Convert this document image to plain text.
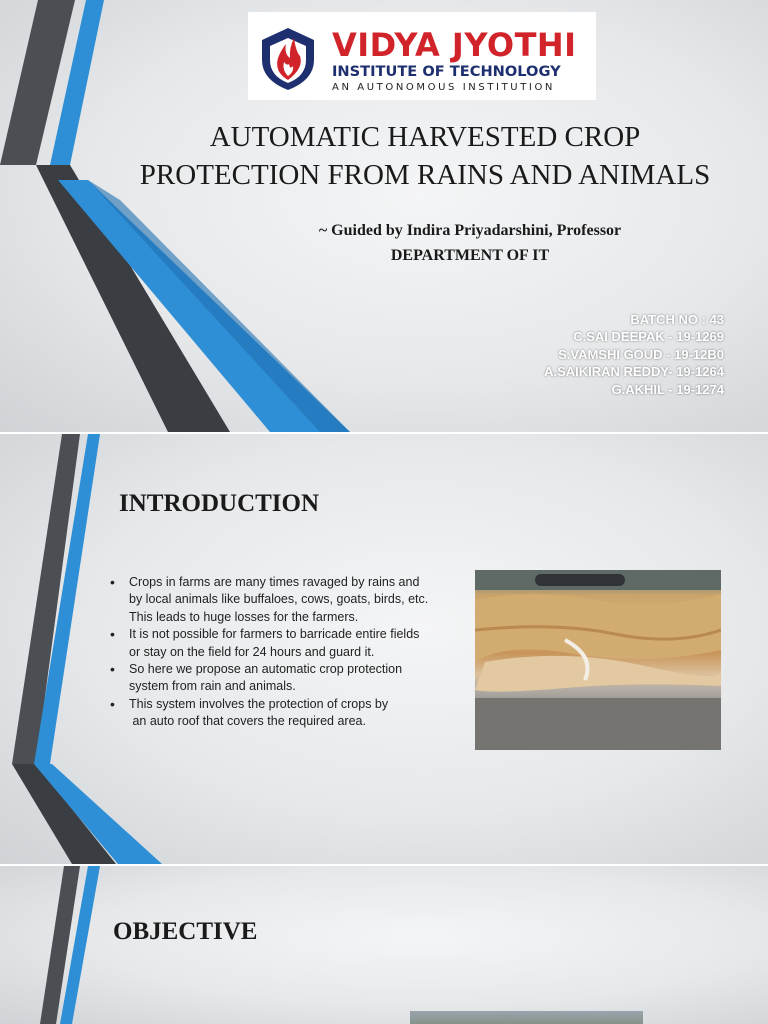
VIDYA JYOTHI
INSTITUTE OF TECHNOLOGY
AN AUTONOMOUS INSTITUTION
AUTOMATIC HARVESTED CROP
PROTECTION FROM RAINS AND ANIMALS
~ Guided by Indira Priyadarshini, Professor
DEPARTMENT OF IT
BATCH NO : 43
C.SAI DEEPAK - 19-1269
S.VAMSHI GOUD - 19-12B0
A.SAIKIRAN REDDY- 19-1264
G.AKHIL - 19-1274
INTRODUCTION
• Crops in farms are many times ravaged by rains and
by local animals like buffaloes, cows, goats, birds, etc.
This leads to huge losses for the farmers.
• It is not possible for farmers to barricade entire fields
or stay on the field for 24 hours and guard it.
• So here we propose an automatic crop protection
system from rain and animals.
• This system involves the protection of crops by
an auto roof that covers the required area.
OBJECTIVE
